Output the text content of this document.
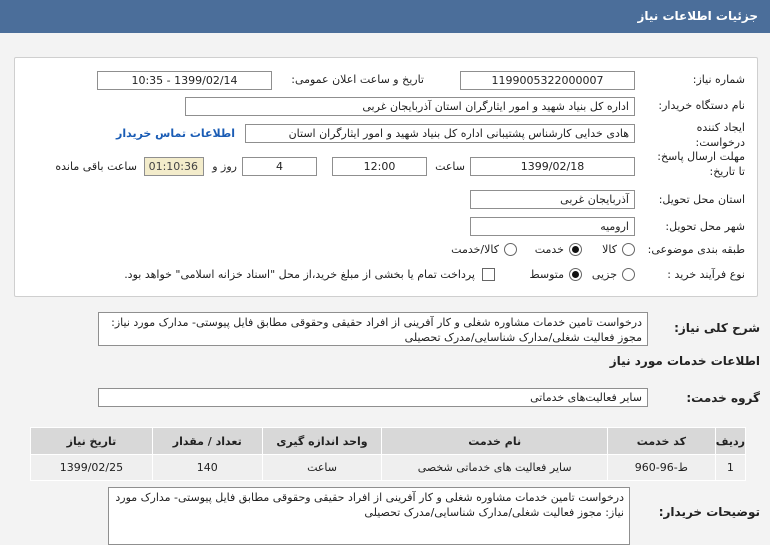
جزئیات اطلاعات نیاز
شماره نیاز:
1199005322000007
تاریخ و ساعت اعلان عمومی:
1399/02/14 - 10:35
نام دستگاه خریدار:
اداره کل بنیاد شهید و امور ایثارگران استان آذربایجان غربی
ایجاد کننده
درخواست:
هادی خدایی کارشناس پشتیبانی اداره کل بنیاد شهید و امور ایثارگران استان
اطلاعات تماس خریدار
مهلت ارسال پاسخ:
تا تاریخ:
1399/02/18
ساعت
12:00
4
روز و
01:10:36
ساعت باقی مانده
استان محل تحویل:
آذربایجان غربی
شهر محل تحویل:
ارومیه
طبقه بندی موضوعی:
کالا
خدمت
کالا/خدمت
نوع فرآیند خرید :
جزیی
متوسط
پرداخت تمام یا بخشی از مبلغ خرید،از محل "اسناد خزانه اسلامی" خواهد بود.
شرح کلی نیاز:
درخواست تامین خدمات مشاوره شغلی و کار آفرینی از افراد حقیقی وحقوقی مطابق فایل پیوستی- مدارک مورد نیاز: مجوز فعالیت شغلی/مدارک شناسایی/مدرک تحصیلی
اطلاعات خدمات مورد نیاز
گروه خدمت:
سایر فعالیت‌های خدماتی
ردیف	کد خدمت	نام خدمت	واحد اندازه گیری	تعداد / مقدار	تاریخ نیاز
1	ط-96-960	سایر فعالیت های خدماتی شخصی	ساعت	140	1399/02/25
توضیحات خریدار:
درخواست تامین خدمات مشاوره شغلی و کار آفرینی از افراد حقیقی وحقوقی مطابق فایل پیوستی- مدارک مورد نیاز: مجوز فعالیت شغلی/مدارک شناسایی/مدرک تحصیلی
